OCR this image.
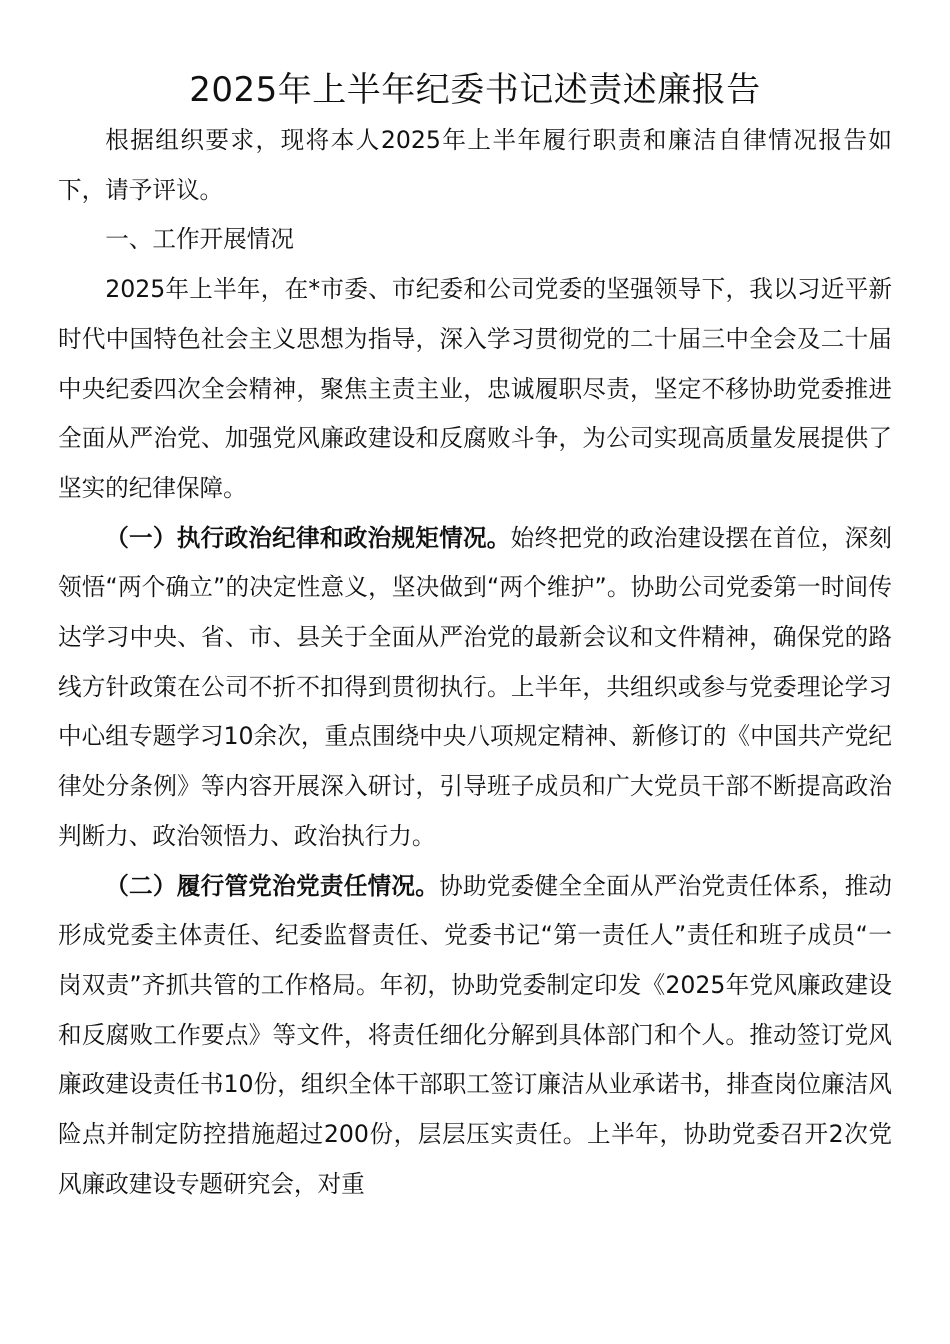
2025年上半年纪委书记述责述廉报告

根据组织要求，现将本人2025年上半年履行职责和廉洁自律情况报告如下，请予评议。

一、工作开展情况

2025年上半年，在*市委、市纪委和公司党委的坚强领导下，我以习近平新时代中国特色社会主义思想为指导，深入学习贯彻党的二十届三中全会及二十届中央纪委四次全会精神，聚焦主责主业，忠诚履职尽责，坚定不移协助党委推进全面从严治党、加强党风廉政建设和反腐败斗争，为公司实现高质量发展提供了坚实的纪律保障。

（一）执行政治纪律和政治规矩情况。始终把党的政治建设摆在首位，深刻领悟“两个确立”的决定性意义，坚决做到“两个维护”。协助公司党委第一时间传达学习中央、省、市、县关于全面从严治党的最新会议和文件精神，确保党的路线方针政策在公司不折不扣得到贯彻执行。上半年，共组织或参与党委理论学习中心组专题学习10余次，重点围绕中央八项规定精神、新修订的《中国共产党纪律处分条例》等内容开展深入研讨，引导班子成员和广大党员干部不断提高政治判断力、政治领悟力、政治执行力。

（二）履行管党治党责任情况。协助党委健全全面从严治党责任体系，推动形成党委主体责任、纪委监督责任、党委书记“第一责任人”责任和班子成员“一岗双责”齐抓共管的工作格局。年初，协助党委制定印发《2025年党风廉政建设和反腐败工作要点》等文件，将责任细化分解到具体部门和个人。推动签订党风廉政建设责任书10份，组织全体干部职工签订廉洁从业承诺书，排查岗位廉洁风险点并制定防控措施超过200份，层层压实责任。上半年，协助党委召开2次党风廉政建设专题研究会，对重
